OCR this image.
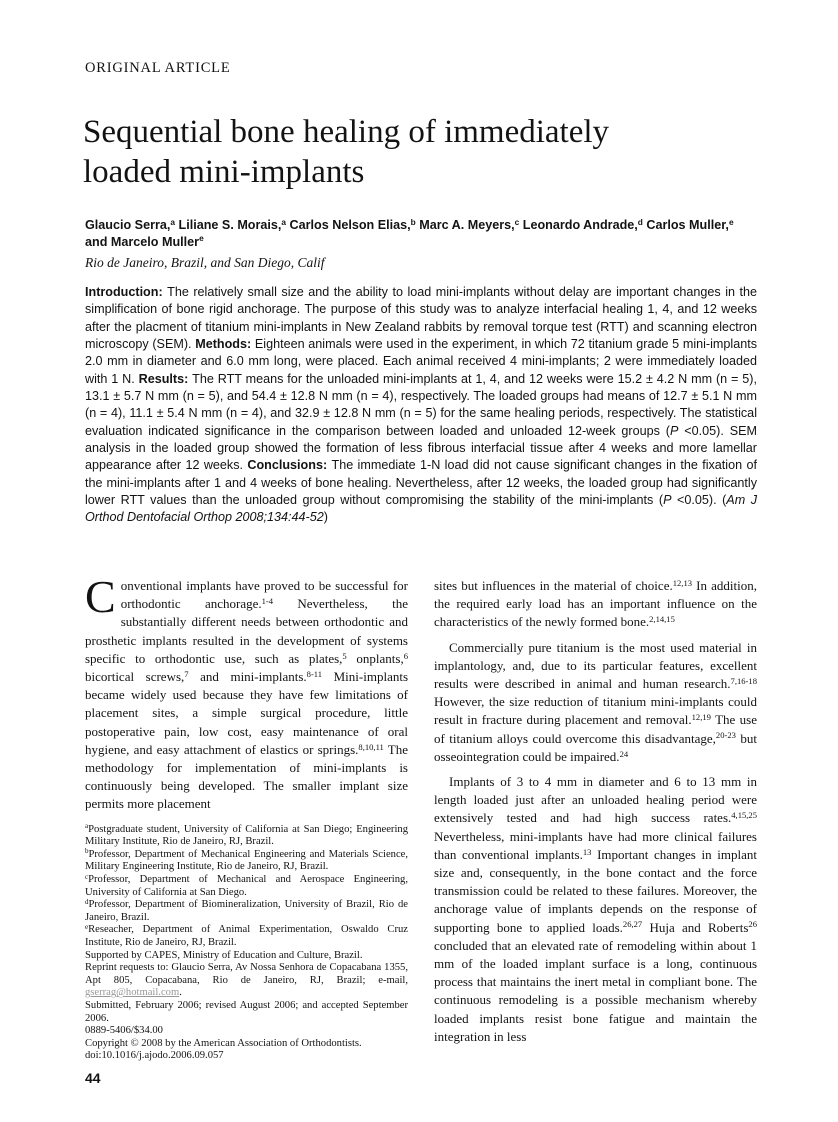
ORIGINAL ARTICLE
Sequential bone healing of immediately
loaded mini-implants
Glaucio Serra,$^a$ Liliane S. Morais,$^a$ Carlos Nelson Elias,$^b$ Marc A. Meyers,$^c$ Leonardo Andrade,$^d$ Carlos Muller,$^e$ and Marcelo Muller$^e$
Rio de Janeiro, Brazil, and San Diego, Calif
Introduction: The relatively small size and the ability to load mini-implants without delay are important changes in the simplification of bone rigid anchorage. The purpose of this study was to analyze interfacial healing 1, 4, and 12 weeks after the placment of titanium mini-implants in New Zealand rabbits by removal torque test (RTT) and scanning electron microscopy (SEM). Methods: Eighteen animals were used in the experiment, in which 72 titanium grade 5 mini-implants 2.0 mm in diameter and 6.0 mm long, were placed. Each animal received 4 mini-implants; 2 were immediately loaded with 1 N. Results: The RTT means for the unloaded mini-implants at 1, 4, and 12 weeks were 15.2 ± 4.2 N mm (n = 5), 13.1 ± 5.7 N mm (n = 5), and 54.4 ± 12.8 N mm (n = 4), respectively. The loaded groups had means of 12.7 ± 5.1 N mm (n = 4), 11.1 ± 5.4 N mm (n = 4), and 32.9 ± 12.8 N mm (n = 5) for the same healing periods, respectively. The statistical evaluation indicated significance in the comparison between loaded and unloaded 12-week groups (P <0.05). SEM analysis in the loaded group showed the formation of less fibrous interfacial tissue after 4 weeks and more lamellar appearance after 12 weeks. Conclusions: The immediate 1-N load did not cause significant changes in the fixation of the mini-implants after 1 and 4 weeks of bone healing. Nevertheless, after 12 weeks, the loaded group had significantly lower RTT values than the unloaded group without compromising the stability of the mini-implants (P <0.05). (Am J Orthod Dentofacial Orthop 2008;134:44-52)

Conventional implants have proved to be successful for orthodontic anchorage.$^{1-4}$ Nevertheless, the substantially different needs between orthodontic and prosthetic implants resulted in the development of systems specific to orthodontic use, such as plates,$^5$ onplants,$^6$ bicortical screws,$^7$ and mini-implants.$^{8-11}$ Mini-implants became widely used because they have few limitations of placement sites, a simple surgical procedure, little postoperative pain, low cost, easy maintenance of oral hygiene, and easy attachment of elastics or springs.$^{8,10,11}$ The methodology for implementation of mini-implants is continuously being developed. The smaller implant size permits more placement

$^a$Postgraduate student, University of California at San Diego; Engineering Military Institute, Rio de Janeiro, RJ, Brazil.

$^b$Professor, Department of Mechanical Engineering and Materials Science, Military Engineering Institute, Rio de Janeiro, RJ, Brazil.

$^c$Professor, Department of Mechanical and Aerospace Engineering, University of California at San Diego.

$^d$Professor, Department of Biomineralization, University of Brazil, Rio de Janeiro, Brazil.

$^e$Reseacher, Department of Animal Experimentation, Oswaldo Cruz Institute, Rio de Janeiro, RJ, Brazil.

Supported by CAPES, Ministry of Education and Culture, Brazil.

Reprint requests to: Glaucio Serra, Av Nossa Senhora de Copacabana 1355, Apt 805, Copacabana, Rio de Janeiro, RJ, Brazil; e-mail, gserrag@hotmail.com.

Submitted, February 2006; revised August 2006; and accepted September 2006.

0889-5406/$34.00

Copyright © 2008 by the American Association of Orthodontists.

doi:10.1016/j.ajodo.2006.09.057

sites but influences in the material of choice.$^{12,13}$ In addition, the required early load has an important influence on the characteristics of the newly formed bone.$^{2,14,15}$

Commercially pure titanium is the most used material in implantology, and, due to its particular features, excellent results were described in animal and human research.$^{7,16-18}$ However, the size reduction of titanium mini-implants could result in fracture during placement and removal.$^{12,19}$ The use of titanium alloys could overcome this disadvantage,$^{20-23}$ but osseointegration could be impaired.$^{24}$

Implants of 3 to 4 mm in diameter and 6 to 13 mm in length loaded just after an unloaded healing period were extensively tested and had high success rates.$^{4,15,25}$ Nevertheless, mini-implants have had more clinical failures than conventional implants.$^{13}$ Important changes in implant size and, consequently, in the bone contact and the force transmission could be related to these failures. Moreover, the anchorage value of implants depends on the response of supporting bone to applied loads.$^{26,27}$ Huja and Roberts$^{26}$ concluded that an elevated rate of remodeling within about 1 mm of the loaded implant surface is a long, continuous process that maintains the inert metal in compliant bone. The continuous remodeling is a possible mechanism whereby loaded implants resist bone fatigue and maintain the integration in less

44
